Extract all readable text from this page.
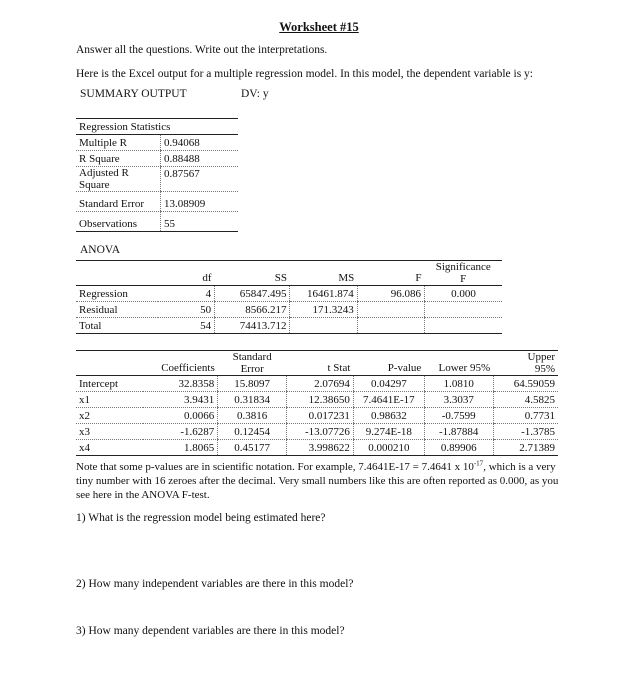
Worksheet #15
Answer all the questions. Write out the interpretations.
Here is the Excel output for a multiple regression model. In this model, the dependent variable is y:
SUMMARY OUTPUT	DV: y
Regression Statistics	
Multiple R	0.94068
R Square	0.88488
Adjusted R
Square	0.87567
Standard Error	13.08909
Observations	55
ANOVA
	df	SS	MS	F	Significance
F
Regression	4	65847.495	16461.874	96.086	0.000
Residual	50	8566.217	171.3243		
Total	54	74413.712			
	Coefficients	Standard
Error	t Stat	P-value	Lower 95%	Upper
95%
Intercept	32.8358	15.8097	2.07694	0.04297	1.0810	64.59059
x1	3.9431	0.31834	12.38650	7.4641E-17	3.3037	4.5825
x2	0.0066	0.3816	0.017231	0.98632	-0.7599	0.7731
x3	-1.6287	0.12454	-13.07726	9.274E-18	-1.87884	-1.3785
x4	1.8065	0.45177	3.998622	0.000210	0.89906	2.71389
Note that some p-values are in scientific notation. For example, 7.4641E-17 = 7.4641 x $10^{-17}$, which is a very tiny number with 16 zeroes after the decimal. Very small numbers like this are often reported as 0.000, as you see here in the ANOVA F-test.
1) What is the regression model being estimated here?
2) How many independent variables are there in this model?
3) How many dependent variables are there in this model?
